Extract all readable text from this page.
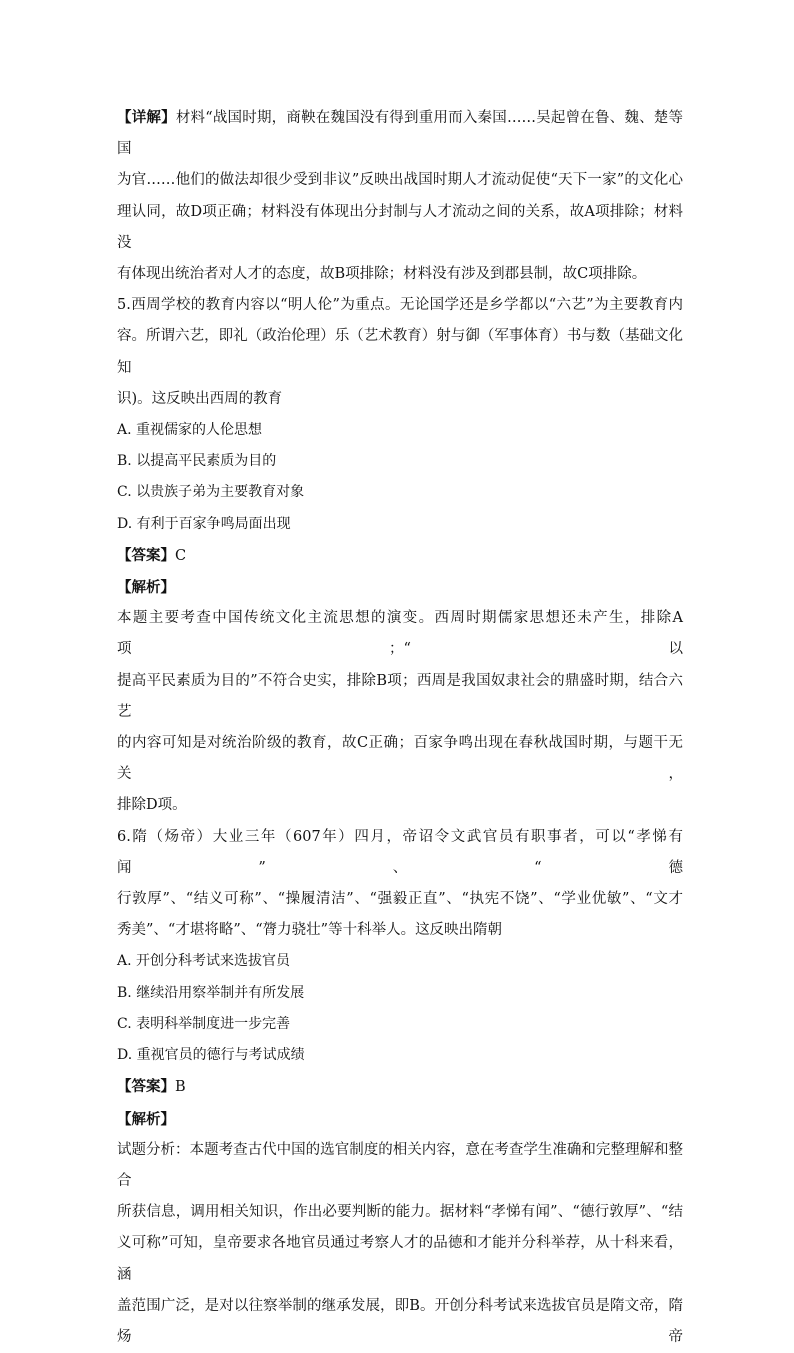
【详解】材料“战国时期，商鞅在魏国没有得到重用而入秦国……吴起曾在鲁、魏、楚等国
为官……他们的做法却很少受到非议”反映出战国时期人才流动促使“天下一家”的文化心
理认同，故D项正确；材料没有体现出分封制与人才流动之间的关系，故A项排除；材料没
有体现出统治者对人才的态度，故B项排除；材料没有涉及到郡县制，故C项排除。
5.西周学校的教育内容以“明人伦”为重点。无论国学还是乡学都以“六艺”为主要教育内
容。所谓六艺，即礼（政治伦理）乐（艺术教育）射与御（军事体育）书与数（基础文化知
识)。这反映出西周的教育
A. 重视儒家的人伦思想
B. 以提高平民素质为目的
C. 以贵族子弟为主要教育对象
D. 有利于百家争鸣局面出现
【答案】C
【解析】
本题主要考查中国传统文化主流思想的演变。西周时期儒家思想还未产生，排除A项；“以
提高平民素质为目的”不符合史实，排除B项；西周是我国奴隶社会的鼎盛时期，结合六艺
的内容可知是对统治阶级的教育，故C正确；百家争鸣出现在春秋战国时期，与题干无关，
排除D项。
6.隋（炀帝）大业三年（607年）四月，帝诏令文武官员有职事者，可以“孝悌有闻”、“德
行敦厚”、“结义可称”、“操履清洁”、“强毅正直”、“执宪不饶”、“学业优敏”、“文才
秀美”、“才堪将略”、“膂力骁壮”等十科举人。这反映出隋朝
A. 开创分科考试来选拔官员
B. 继续沿用察举制并有所发展
C. 表明科举制度进一步完善
D. 重视官员的德行与考试成绩
【答案】B
【解析】
试题分析：本题考查古代中国的选官制度的相关内容，意在考查学生准确和完整理解和整合
所获信息，调用相关知识，作出必要判断的能力。据材料“孝悌有闻”、“德行敦厚”、“结
义可称”可知，皇帝要求各地官员通过考察人才的品德和才能并分科举荐，从十科来看，涵
盖范围广泛，是对以往察举制的继承发展，即B。开创分科考试来选拔官员是隋文帝，隋炀帝
